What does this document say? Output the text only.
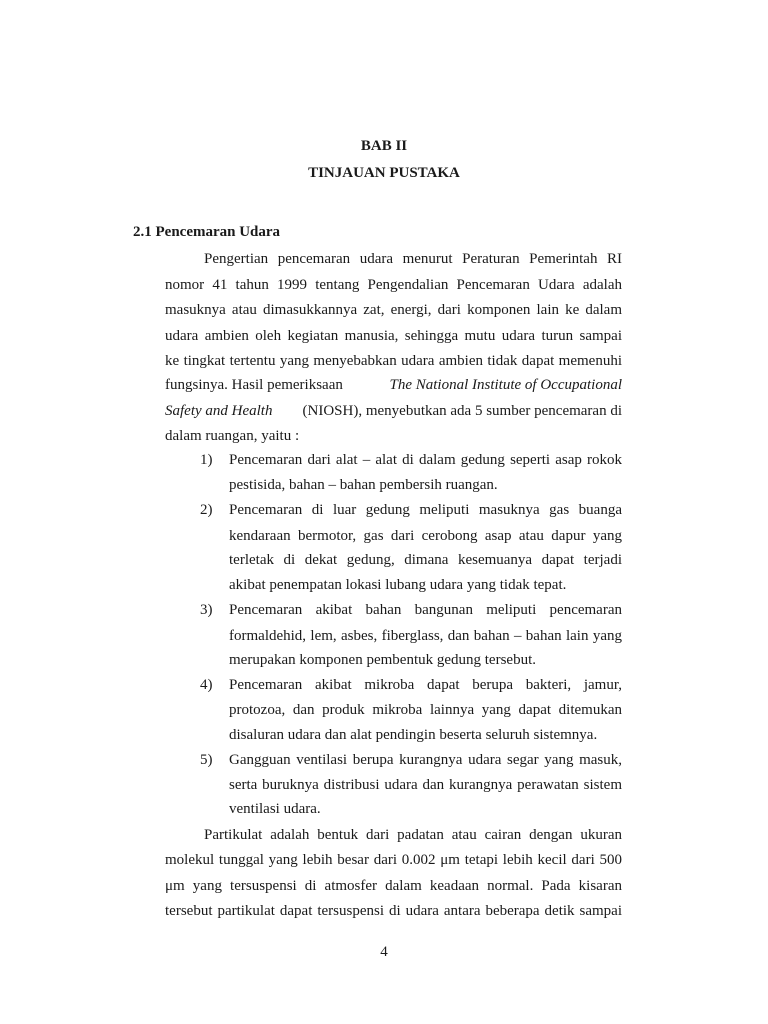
BAB II
TINJAUAN PUSTAKA
2.1 Pencemaran Udara
Pengertian pencemaran udara menurut Peraturan Pemerintah RI
nomor 41 tahun 1999 tentang Pengendalian Pencemaran Udara adalah
masuknya atau dimasukkannya zat, energi, dari komponen lain ke dalam
udara ambien oleh kegiatan manusia, sehingga mutu udara turun sampai
ke tingkat tertentu yang menyebabkan udara ambien tidak dapat memenuhi
fungsinya. Hasil pemeriksaan	The National Institute of Occupational
Safety and Health (NIOSH), menyebutkan ada 5 sumber pencemaran di
dalam ruangan, yaitu :
1) Pencemaran dari alat – alat di dalam gedung seperti asap rokok
pestisida, bahan – bahan pembersih ruangan.
2) Pencemaran di luar gedung meliputi masuknya gas buanga
kendaraan bermotor, gas dari cerobong asap atau dapur yang
terletak di dekat gedung, dimana kesemuanya dapat terjadi
akibat penempatan lokasi lubang udara yang tidak tepat.
3) Pencemaran akibat bahan bangunan meliputi pencemaran
formaldehid, lem, asbes, fiberglass, dan bahan – bahan lain yang
merupakan komponen pembentuk gedung tersebut.
4) Pencemaran akibat mikroba dapat berupa bakteri, jamur,
protozoa, dan produk mikroba lainnya yang dapat ditemukan
disaluran udara dan alat pendingin beserta seluruh sistemnya.
5) Gangguan ventilasi berupa kurangnya udara segar yang masuk,
serta buruknya distribusi udara dan kurangnya perawatan sistem
ventilasi udara.
Partikulat adalah bentuk dari padatan atau cairan dengan ukuran
molekul tunggal yang lebih besar dari 0.002 μm tetapi lebih kecil dari 500
μm yang tersuspensi di atmosfer dalam keadaan normal. Pada kisaran
tersebut partikulat dapat tersuspensi di udara antara beberapa detik sampai
4
